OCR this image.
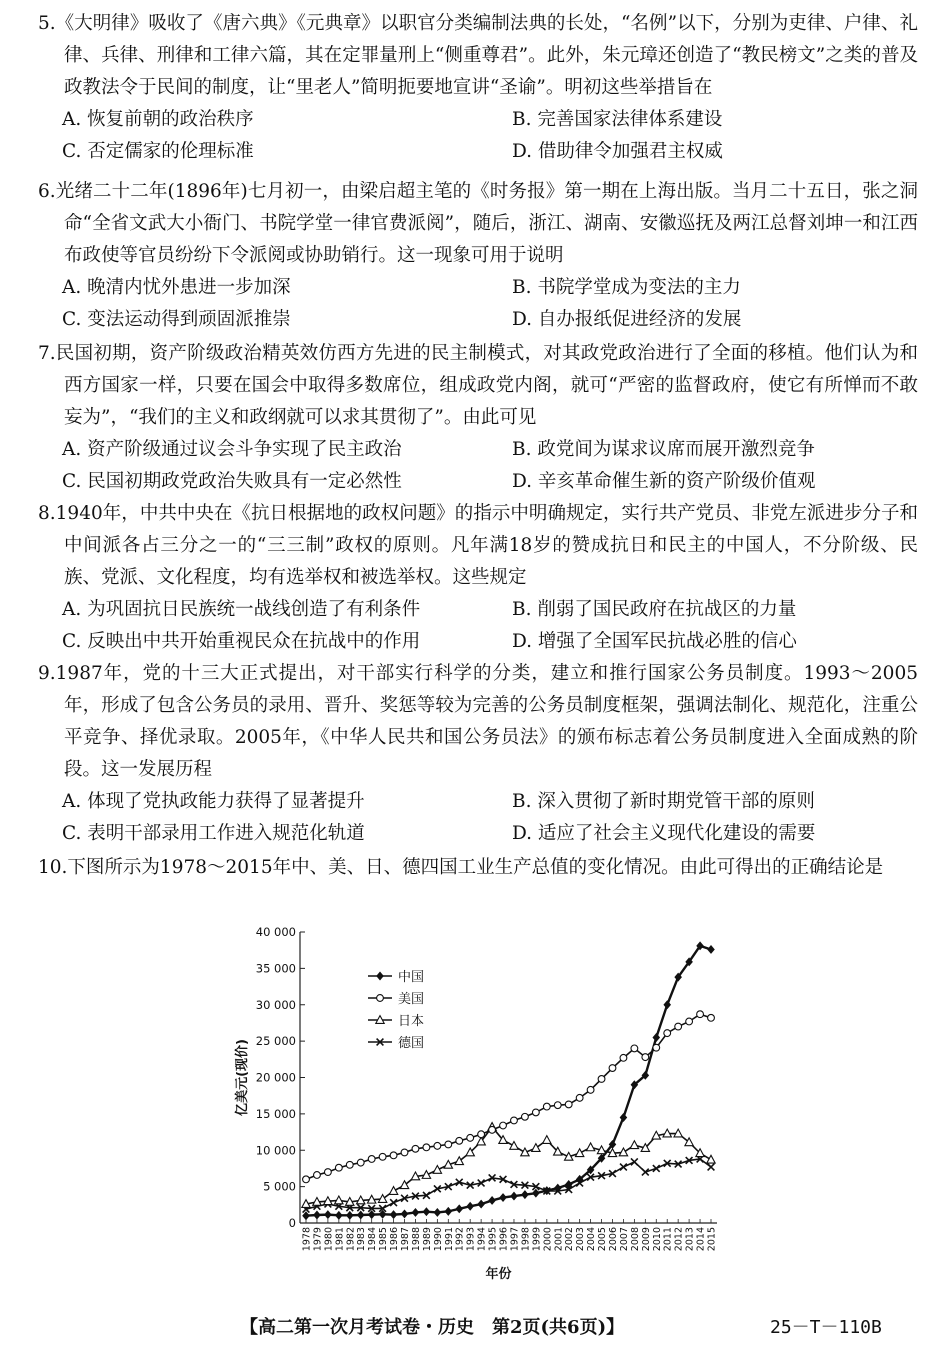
5.《大明律》吸收了《唐六典》《元典章》以职官分类编制法典的长处，“名例”以下，分别为吏律、户律、礼律、兵律、刑律和工律六篇，其在定罪量刑上“侧重尊君”。此外，朱元璋还创造了“教民榜文”之类的普及政教法令于民间的制度，让“里老人”简明扼要地宣讲“圣谕”。明初这些举措旨在

A. 恢复前朝的政治秩序	B. 完善国家法律体系建设
C. 否定儒家的伦理标准	D. 借助律令加强君主权威

6.光绪二十二年(1896年)七月初一，由梁启超主笔的《时务报》第一期在上海出版。当月二十五日，张之洞命“全省文武大小衙门、书院学堂一律官费派阅”，随后，浙江、湖南、安徽巡抚及两江总督刘坤一和江西布政使等官员纷纷下令派阅或协助销行。这一现象可用于说明

A. 晚清内忧外患进一步加深	B. 书院学堂成为变法的主力
C. 变法运动得到顽固派推崇	D. 自办报纸促进经济的发展

7.民国初期，资产阶级政治精英效仿西方先进的民主制模式，对其政党政治进行了全面的移植。他们认为和西方国家一样，只要在国会中取得多数席位，组成政党内阁，就可“严密的监督政府，使它有所惮而不敢妄为”，“我们的主义和政纲就可以求其贯彻了”。由此可见

A. 资产阶级通过议会斗争实现了民主政治	B. 政党间为谋求议席而展开激烈竞争
C. 民国初期政党政治失败具有一定必然性	D. 辛亥革命催生新的资产阶级价值观

8.1940年，中共中央在《抗日根据地的政权问题》的指示中明确规定，实行共产党员、非党左派进步分子和中间派各占三分之一的“三三制”政权的原则。凡年满18岁的赞成抗日和民主的中国人，不分阶级、民族、党派、文化程度，均有选举权和被选举权。这些规定

A. 为巩固抗日民族统一战线创造了有利条件	B. 削弱了国民政府在抗战区的力量
C. 反映出中共开始重视民众在抗战中的作用	D. 增强了全国军民抗战必胜的信心

9.1987年，党的十三大正式提出，对干部实行科学的分类，建立和推行国家公务员制度。1993～2005年，形成了包含公务员的录用、晋升、奖惩等较为完善的公务员制度框架，强调法制化、规范化，注重公平竞争、择优录取。2005年，《中华人民共和国公务员法》的颁布标志着公务员制度进入全面成熟的阶段。这一发展历程

A. 体现了党执政能力获得了显著提升	B. 深入贯彻了新时期党管干部的原则
C. 表明干部录用工作进入规范化轨道	D. 适应了社会主义现代化建设的需要

10.下图所示为1978～2015年中、美、日、德四国工业生产总值的变化情况。由此可得出的正确结论是

0
5 000
10 000
15 000
20 000
25 000
30 000
35 000
40 000
1978 1979 1980 1981 1982 1983 1984 1985 1986 1987 1988 1989 1990 1991 1992 1993 1994 1995 1996 1997 1998 1999 2000 2001 2002 2003 2004 2005 2006 2007 2008 2009 2010 2011 2012 2013 2014 2015
年份
亿美元(现价)
中国
美国
日本
德国
【高二第一次月考试卷・历史　第2页(共6页)】	25－T－110B
